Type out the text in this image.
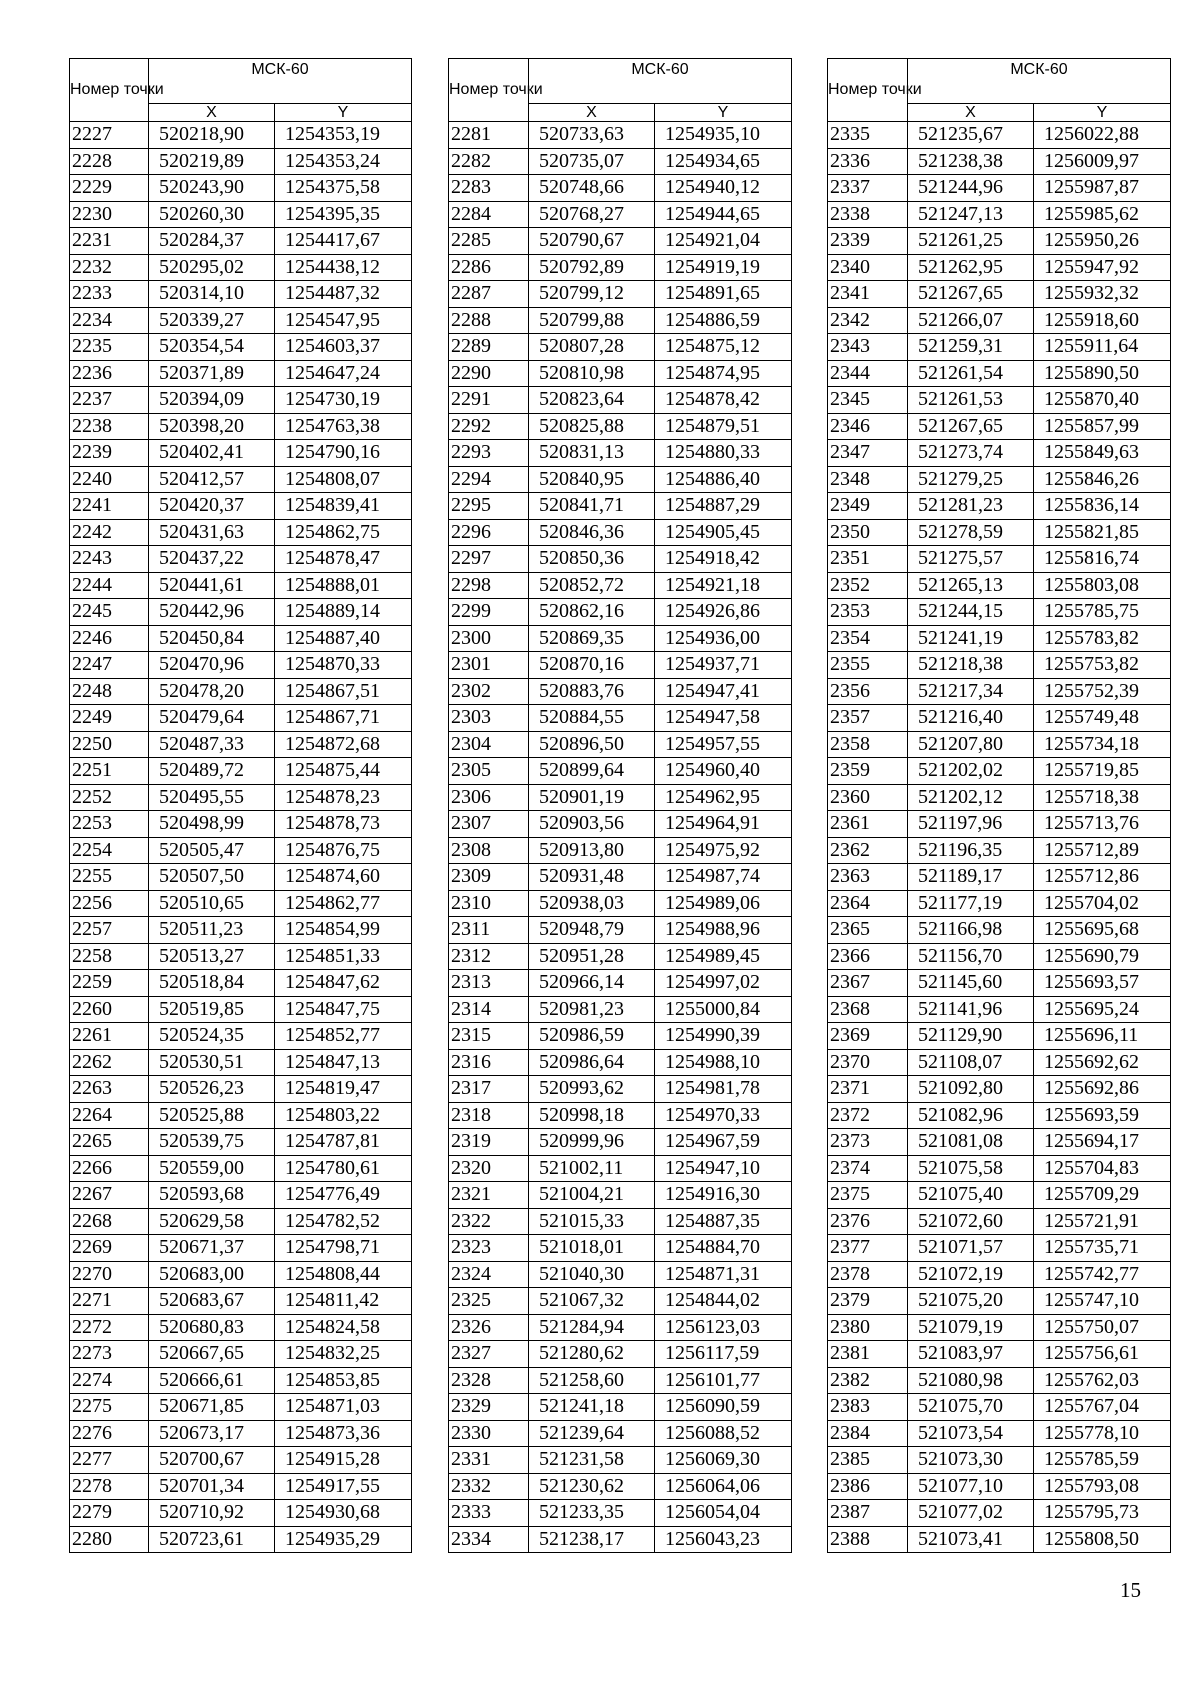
Номер точки	МСК-60	
	X	Y
2227	520218,90	1254353,19
2228	520219,89	1254353,24
2229	520243,90	1254375,58
2230	520260,30	1254395,35
2231	520284,37	1254417,67
2232	520295,02	1254438,12
2233	520314,10	1254487,32
2234	520339,27	1254547,95
2235	520354,54	1254603,37
2236	520371,89	1254647,24
2237	520394,09	1254730,19
2238	520398,20	1254763,38
2239	520402,41	1254790,16
2240	520412,57	1254808,07
2241	520420,37	1254839,41
2242	520431,63	1254862,75
2243	520437,22	1254878,47
2244	520441,61	1254888,01
2245	520442,96	1254889,14
2246	520450,84	1254887,40
2247	520470,96	1254870,33
2248	520478,20	1254867,51
2249	520479,64	1254867,71
2250	520487,33	1254872,68
2251	520489,72	1254875,44
2252	520495,55	1254878,23
2253	520498,99	1254878,73
2254	520505,47	1254876,75
2255	520507,50	1254874,60
2256	520510,65	1254862,77
2257	520511,23	1254854,99
2258	520513,27	1254851,33
2259	520518,84	1254847,62
2260	520519,85	1254847,75
2261	520524,35	1254852,77
2262	520530,51	1254847,13
2263	520526,23	1254819,47
2264	520525,88	1254803,22
2265	520539,75	1254787,81
2266	520559,00	1254780,61
2267	520593,68	1254776,49
2268	520629,58	1254782,52
2269	520671,37	1254798,71
2270	520683,00	1254808,44
2271	520683,67	1254811,42
2272	520680,83	1254824,58
2273	520667,65	1254832,25
2274	520666,61	1254853,85
2275	520671,85	1254871,03
2276	520673,17	1254873,36
2277	520700,67	1254915,28
2278	520701,34	1254917,55
2279	520710,92	1254930,68
2280	520723,61	1254935,29
Номер точки	МСК-60	
	X	Y
2281	520733,63	1254935,10
2282	520735,07	1254934,65
2283	520748,66	1254940,12
2284	520768,27	1254944,65
2285	520790,67	1254921,04
2286	520792,89	1254919,19
2287	520799,12	1254891,65
2288	520799,88	1254886,59
2289	520807,28	1254875,12
2290	520810,98	1254874,95
2291	520823,64	1254878,42
2292	520825,88	1254879,51
2293	520831,13	1254880,33
2294	520840,95	1254886,40
2295	520841,71	1254887,29
2296	520846,36	1254905,45
2297	520850,36	1254918,42
2298	520852,72	1254921,18
2299	520862,16	1254926,86
2300	520869,35	1254936,00
2301	520870,16	1254937,71
2302	520883,76	1254947,41
2303	520884,55	1254947,58
2304	520896,50	1254957,55
2305	520899,64	1254960,40
2306	520901,19	1254962,95
2307	520903,56	1254964,91
2308	520913,80	1254975,92
2309	520931,48	1254987,74
2310	520938,03	1254989,06
2311	520948,79	1254988,96
2312	520951,28	1254989,45
2313	520966,14	1254997,02
2314	520981,23	1255000,84
2315	520986,59	1254990,39
2316	520986,64	1254988,10
2317	520993,62	1254981,78
2318	520998,18	1254970,33
2319	520999,96	1254967,59
2320	521002,11	1254947,10
2321	521004,21	1254916,30
2322	521015,33	1254887,35
2323	521018,01	1254884,70
2324	521040,30	1254871,31
2325	521067,32	1254844,02
2326	521284,94	1256123,03
2327	521280,62	1256117,59
2328	521258,60	1256101,77
2329	521241,18	1256090,59
2330	521239,64	1256088,52
2331	521231,58	1256069,30
2332	521230,62	1256064,06
2333	521233,35	1256054,04
2334	521238,17	1256043,23
Номер точки	МСК-60	
	X	Y
2335	521235,67	1256022,88
2336	521238,38	1256009,97
2337	521244,96	1255987,87
2338	521247,13	1255985,62
2339	521261,25	1255950,26
2340	521262,95	1255947,92
2341	521267,65	1255932,32
2342	521266,07	1255918,60
2343	521259,31	1255911,64
2344	521261,54	1255890,50
2345	521261,53	1255870,40
2346	521267,65	1255857,99
2347	521273,74	1255849,63
2348	521279,25	1255846,26
2349	521281,23	1255836,14
2350	521278,59	1255821,85
2351	521275,57	1255816,74
2352	521265,13	1255803,08
2353	521244,15	1255785,75
2354	521241,19	1255783,82
2355	521218,38	1255753,82
2356	521217,34	1255752,39
2357	521216,40	1255749,48
2358	521207,80	1255734,18
2359	521202,02	1255719,85
2360	521202,12	1255718,38
2361	521197,96	1255713,76
2362	521196,35	1255712,89
2363	521189,17	1255712,86
2364	521177,19	1255704,02
2365	521166,98	1255695,68
2366	521156,70	1255690,79
2367	521145,60	1255693,57
2368	521141,96	1255695,24
2369	521129,90	1255696,11
2370	521108,07	1255692,62
2371	521092,80	1255692,86
2372	521082,96	1255693,59
2373	521081,08	1255694,17
2374	521075,58	1255704,83
2375	521075,40	1255709,29
2376	521072,60	1255721,91
2377	521071,57	1255735,71
2378	521072,19	1255742,77
2379	521075,20	1255747,10
2380	521079,19	1255750,07
2381	521083,97	1255756,61
2382	521080,98	1255762,03
2383	521075,70	1255767,04
2384	521073,54	1255778,10
2385	521073,30	1255785,59
2386	521077,10	1255793,08
2387	521077,02	1255795,73
2388	521073,41	1255808,50
15
